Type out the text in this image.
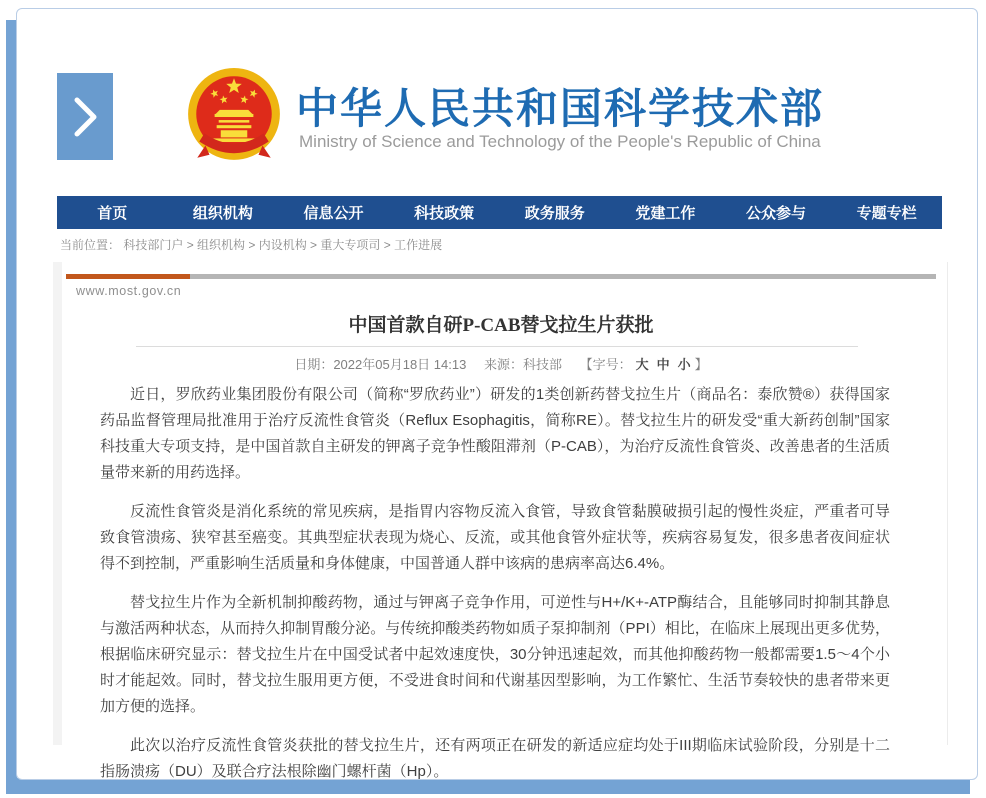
中华人民共和国科学技术部
Ministry of Science and Technology of the People's Republic of China
首页	组织机构	信息公开	科技政策	政务服务	党建工作	公众参与	专题专栏
当前位置： 科技部门户 > 组织机构 > 内设机构 > 重大专项司 > 工作进展
www.most.gov.cn
中国首款自研P-CAB替戈拉生片获批
日期：2022年05月18日 14:13 来源：科技部 【字号： 大 中 小 】

近日，罗欣药业集团股份有限公司（简称“罗欣药业”）研发的1类创新药替戈拉生片（商品名：泰欣赞®）获得国家药品监督管理局批准用于治疗反流性食管炎（Reflux Esophagitis，简称RE）。替戈拉生片的研发受“重大新药创制”国家科技重大专项支持，是中国首款自主研发的钾离子竞争性酸阻滞剂（P-CAB），为治疗反流性食管炎、改善患者的生活质量带来新的用药选择。

反流性食管炎是消化系统的常见疾病，是指胃内容物反流入食管，导致食管黏膜破损引起的慢性炎症，严重者可导致食管溃疡、狭窄甚至癌变。其典型症状表现为烧心、反流，或其他食管外症状等，疾病容易复发，很多患者夜间症状得不到控制，严重影响生活质量和身体健康，中国普通人群中该病的患病率高达6.4%。

替戈拉生片作为全新机制抑酸药物，通过与钾离子竞争作用，可逆性与H+/K+-ATP酶结合，且能够同时抑制其静息与激活两种状态，从而持久抑制胃酸分泌。与传统抑酸类药物如质子泵抑制剂（PPI）相比，在临床上展现出更多优势，根据临床研究显示：替戈拉生片在中国受试者中起效速度快，30分钟迅速起效，而其他抑酸药物一般都需要1.5～4个小时才能起效。同时，替戈拉生服用更方便，不受进食时间和代谢基因型影响，为工作繁忙、生活节奏较快的患者带来更加方便的选择。

此次以治疗反流性食管炎获批的替戈拉生片，还有两项正在研发的新适应症均处于III期临床试验阶段，分别是十二指肠溃疡（DU）及联合疗法根除幽门螺杆菌（Hp）。
